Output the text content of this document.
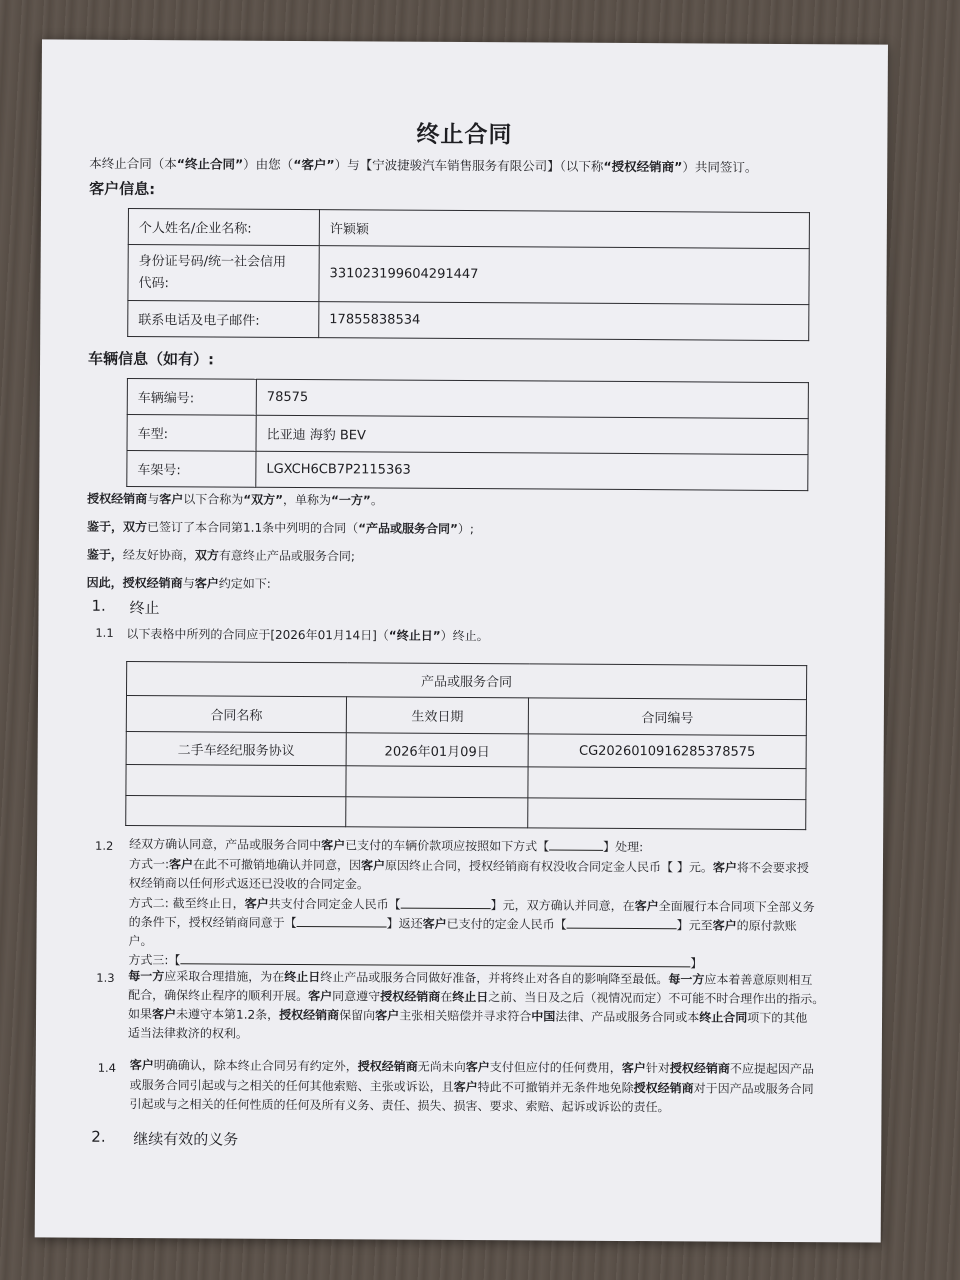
终止合同
本终止合同（本“终止合同”）由您（“客户”）与【宁波捷骏汽车销售服务有限公司】（以下称“授权经销商”）共同签订。
客户信息:
个人姓名/企业名称:	许颖颖
身份证号码/统一社会信用
代码:	331023199604291447
联系电话及电子邮件:	17855838534
车辆信息（如有）:
车辆编号:	78575
车型:	比亚迪 海豹 BEV
车架号:	LGXCH6CB7P2115363
授权经销商与客户以下合称为“双方”，单称为“一方”。
鉴于，双方已签订了本合同第1.1条中列明的合同（“产品或服务合同”）;
鉴于，经友好协商，双方有意终止产品或服务合同;
因此，授权经销商与客户约定如下:
1. 终止
1.1 以下表格中所列的合同应于[2026年01月14日]（“终止日”）终止。
产品或服务合同		
合同名称	生效日期	合同编号
二手车经纪服务协议	2026年01月09日	CG2026010916285378575

1.2 经双方确认同意，产品或服务合同中客户已支付的车辆价款项应按照如下方式【	】处理:
方式一:客户在此不可撤销地确认并同意，因客户原因终止合同，授权经销商有权没收合同定金人民币【 】元。客户将不会要求授
权经销商以任何形式返还已没收的合同定金。
方式二: 截至终止日，客户共支付合同定金人民币【	】元，双方确认并同意，在客户全面履行本合同项下全部义务
的条件下，授权经销商同意于【	】返还客户已支付的定金人民币【	】元至客户的原付款账
户。
方式三:【	】
1.3 每一方应采取合理措施，为在终止日终止产品或服务合同做好准备，并将终止对各自的影响降至最低。每一方应本着善意原则相互
配合，确保终止程序的顺利开展。客户同意遵守授权经销商在终止日之前、当日及之后（视情况而定）不可能不时合理作出的指示。
如果客户未遵守本第1.2条，授权经销商保留向客户主张相关赔偿并寻求符合中国法律、产品或服务合同或本终止合同项下的其他
适当法律救济的权利。
1.4 客户明确确认，除本终止合同另有约定外，授权经销商无尚未向客户支付但应付的任何费用，客户针对授权经销商不应提起因产品
或服务合同引起或与之相关的任何其他索赔、主张或诉讼，且客户特此不可撤销并无条件地免除授权经销商对于因产品或服务合同
引起或与之相关的任何性质的任何及所有义务、责任、损失、损害、要求、索赔、起诉或诉讼的责任。
2. 继续有效的义务
